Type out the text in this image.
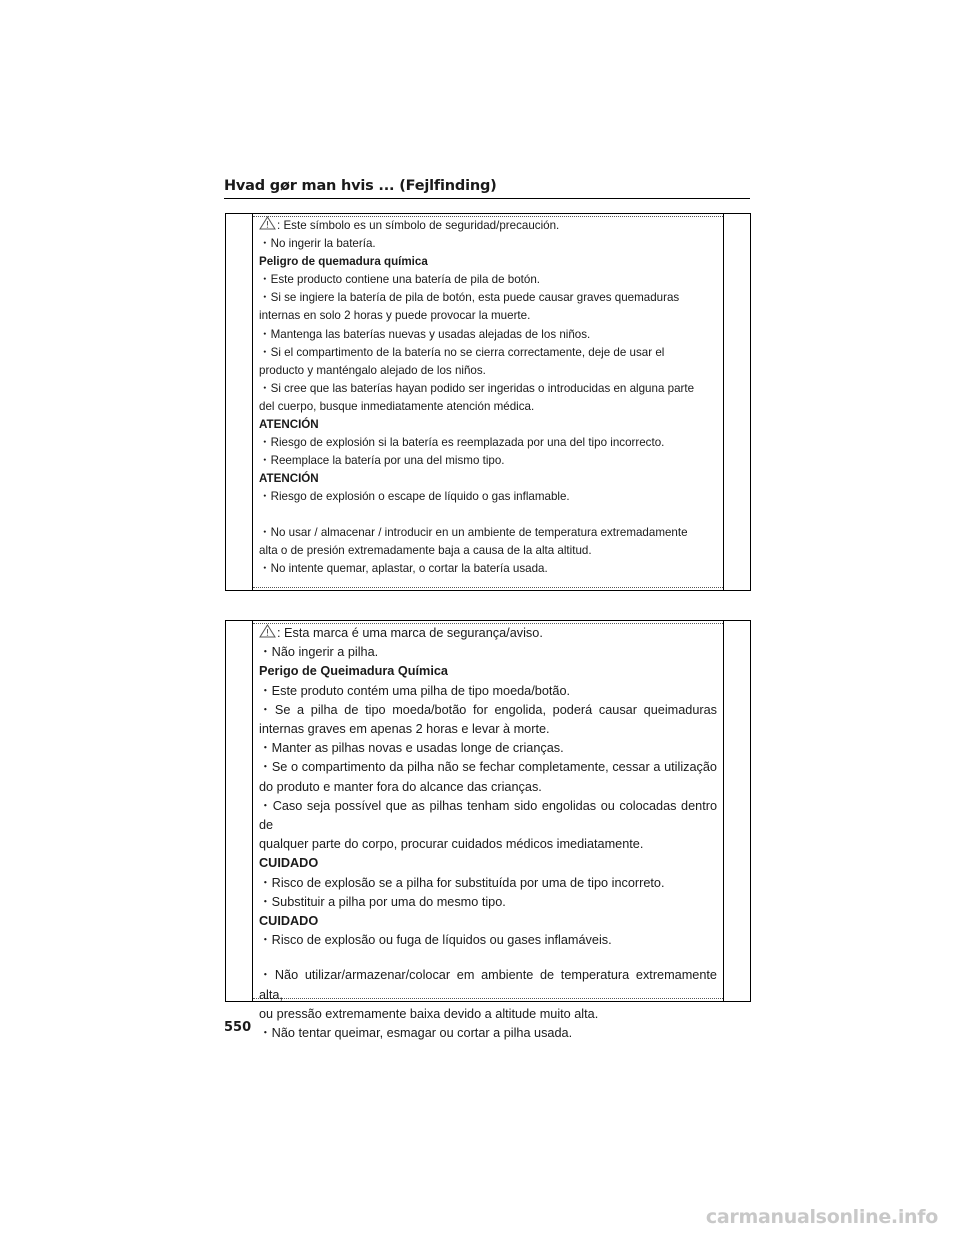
Hvad gør man hvis ... (Fejlfinding)
: Este símbolo es un símbolo de seguridad/precaución.
・No ingerir la batería.
Peligro de quemadura química
・Este producto contiene una batería de pila de botón.
・Si se ingiere la batería de pila de botón, esta puede causar graves quemaduras
internas en solo 2 horas y puede provocar la muerte.
・Mantenga las baterías nuevas y usadas alejadas de los niños.
・Si el compartimento de la batería no se cierra correctamente, deje de usar el
producto y manténgalo alejado de los niños.
・Si cree que las baterías hayan podido ser ingeridas o introducidas en alguna parte
del cuerpo, busque inmediatamente atención médica.
ATENCIÓN
・Riesgo de explosión si la batería es reemplazada por una del tipo incorrecto.
・Reemplace la batería por una del mismo tipo.
ATENCIÓN
・Riesgo de explosión o escape de líquido o gas inflamable.
・No usar / almacenar / introducir en un ambiente de temperatura extremadamente
alta o de presión extremadamente baja a causa de la alta altitud.
・No intente quemar, aplastar, o cortar la batería usada.
: Esta marca é uma marca de segurança/aviso.
・Não ingerir a pilha.
Perigo de Queimadura Química
・Este produto contém uma pilha de tipo moeda/botão.
・Se a pilha de tipo moeda/botão for engolida, poderá causar queimaduras
internas graves em apenas 2 horas e levar à morte.
・Manter as pilhas novas e usadas longe de crianças.
・Se o compartimento da pilha não se fechar completamente, cessar a utilização
do produto e manter fora do alcance das crianças.
・Caso seja possível que as pilhas tenham sido engolidas ou colocadas dentro de
qualquer parte do corpo, procurar cuidados médicos imediatamente.
CUIDADO
・Risco de explosão se a pilha for substituída por uma de tipo incorreto.
・Substituir a pilha por uma do mesmo tipo.
CUIDADO
・Risco de explosão ou fuga de líquidos ou gases inflamáveis.
・Não utilizar/armazenar/colocar em ambiente de temperatura extremamente alta,
ou pressão extremamente baixa devido a altitude muito alta.
・Não tentar queimar, esmagar ou cortar a pilha usada.
550
carmanualsonline.info
